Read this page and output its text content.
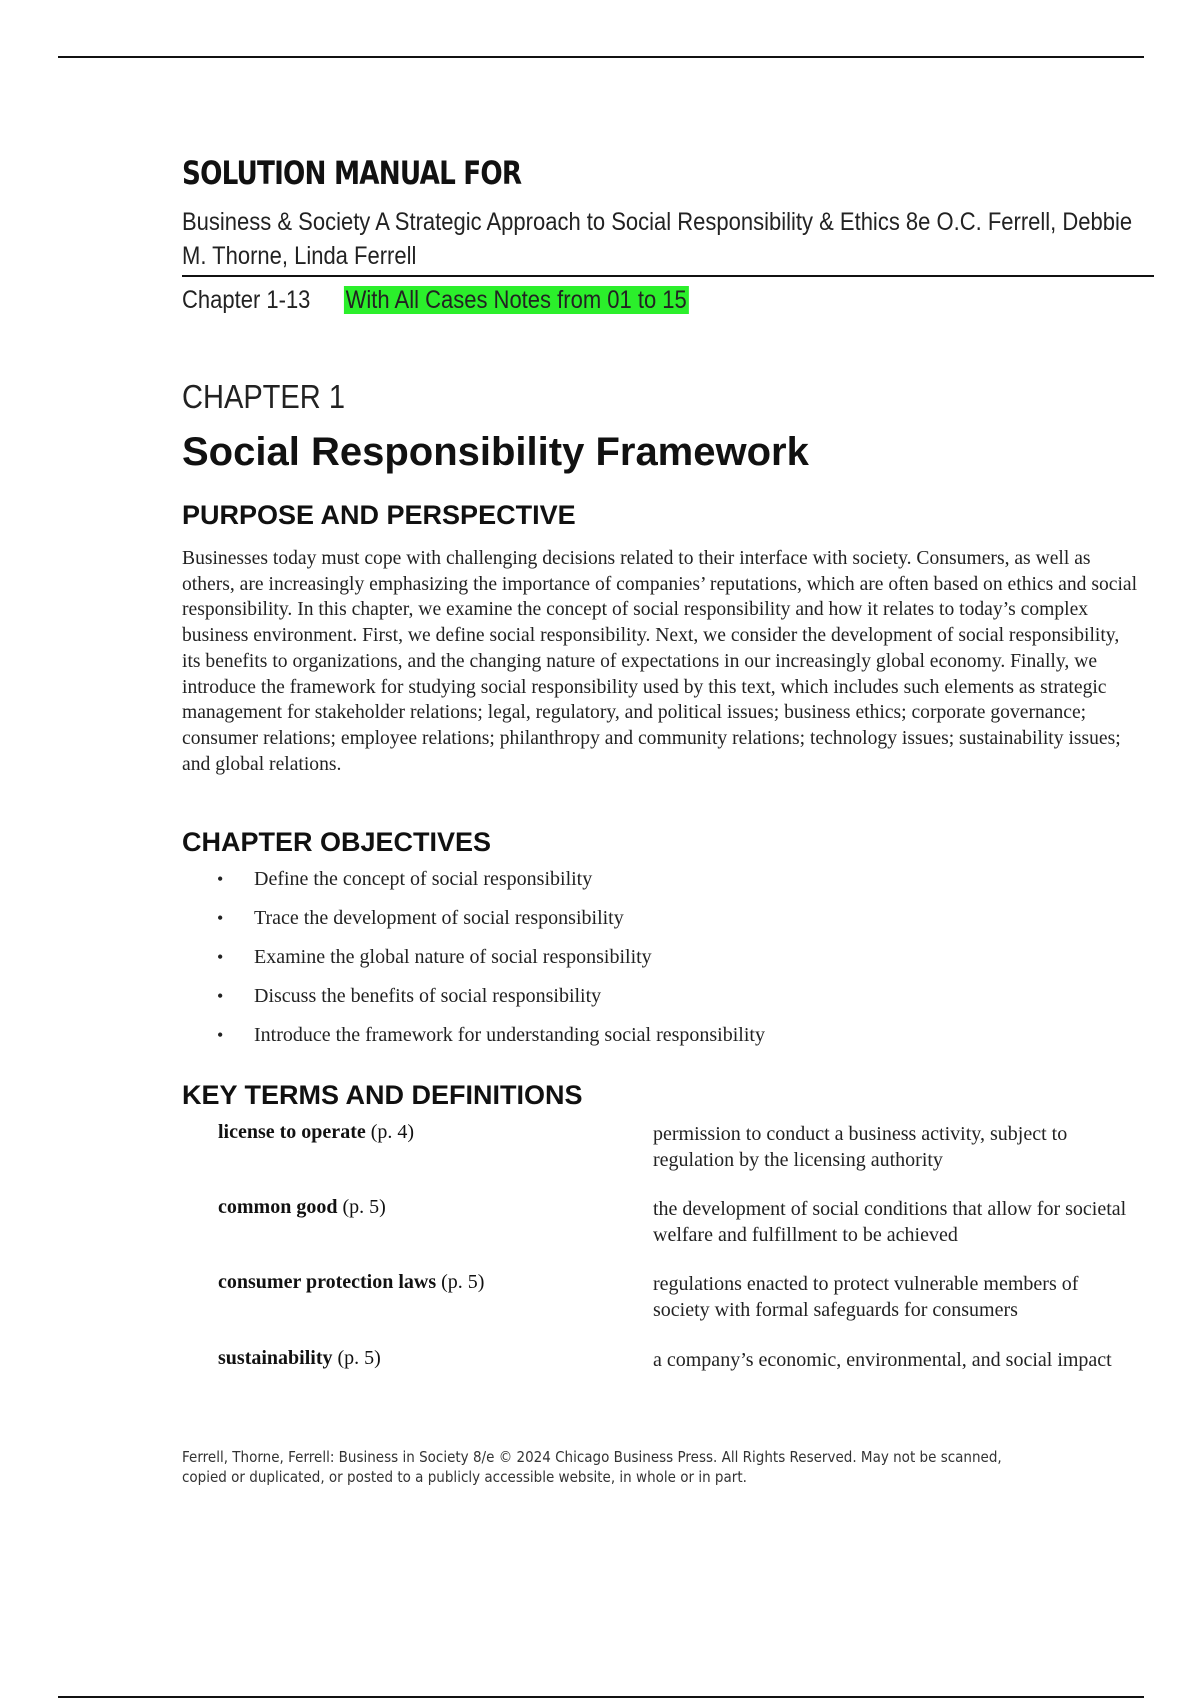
SOLUTION MANUAL FOR
Business & Society A Strategic Approach to Social Responsibility & Ethics 8e O.C. Ferrell, Debbie M. Thorne, Linda Ferrell
Chapter 1-13 With All Cases Notes from 01 to 15
CHAPTER 1
Social Responsibility Framework
PURPOSE AND PERSPECTIVE
Businesses today must cope with challenging decisions related to their interface with society. Consumers, as well as others, are increasingly emphasizing the importance of companies’ reputations, which are often based on ethics and social responsibility. In this chapter, we examine the concept of social responsibility and how it relates to today’s complex business environment. First, we define social responsibility. Next, we consider the development of social responsibility, its benefits to organizations, and the changing nature of expectations in our increasingly global economy. Finally, we introduce the framework for studying social responsibility used by this text, which includes such elements as strategic management for stakeholder relations; legal, regulatory, and political issues; business ethics; corporate governance; consumer relations; employee relations; philanthropy and community relations; technology issues; sustainability issues; and global relations.
CHAPTER OBJECTIVES
• Define the concept of social responsibility
• Trace the development of social responsibility
• Examine the global nature of social responsibility
• Discuss the benefits of social responsibility
• Introduce the framework for understanding social responsibility
KEY TERMS AND DEFINITIONS
license to operate (p. 4)	permission to conduct a business activity, subject to regulation by the licensing authority
common good (p. 5)	the development of social conditions that allow for societal welfare and fulfillment to be achieved
consumer protection laws (p. 5)	regulations enacted to protect vulnerable members of society with formal safeguards for consumers
sustainability (p. 5)	a company’s economic, environmental, and social impact
Ferrell, Thorne, Ferrell: Business in Society 8/e © 2024 Chicago Business Press. All Rights Reserved. May not be scanned, copied or duplicated, or posted to a publicly accessible website, in whole or in part.
